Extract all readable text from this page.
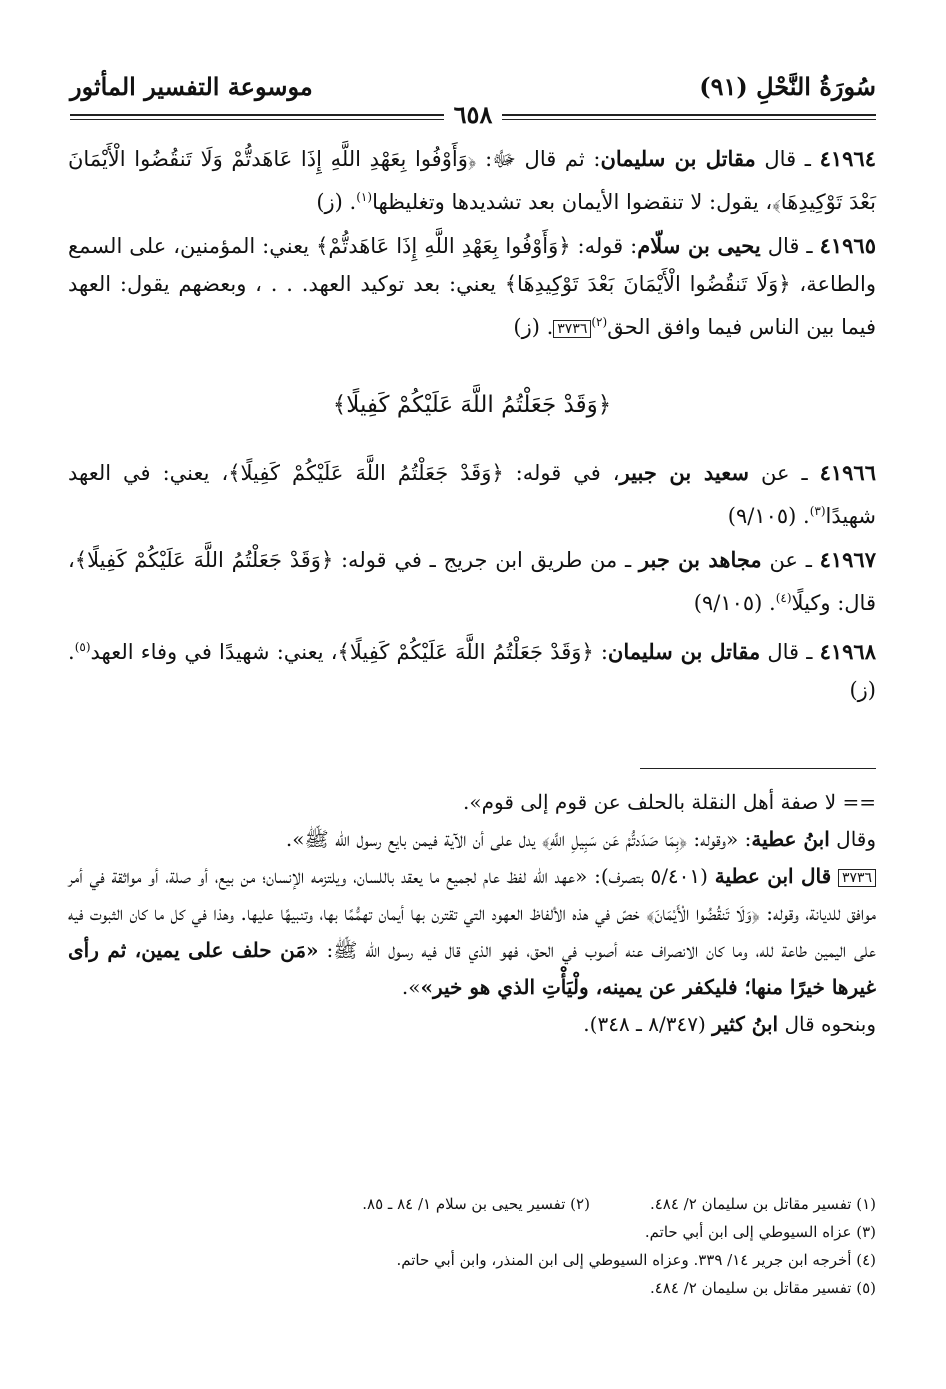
سُورَةُ النَّحْلِ (٩١)
موسوعة التفسير المأثور
٦٥٨

٤١٩٦٤ ـ قال مقاتل بن سليمان: ثم قال ﷻ: ﴿وَأَوْفُوا بِعَهْدِ اللَّهِ إِذَا عَاهَدتُّمْ وَلَا تَنقُضُوا الْأَيْمَانَ بَعْدَ تَوْكِيدِهَا﴾، يقول: لا تنقضوا الأيمان بعد تشديدها وتغليظها$^{(١)}$. (ز)

٤١٩٦٥ ـ قال يحيى بن سلّام: قوله: ﴿وَأَوْفُوا بِعَهْدِ اللَّهِ إِذَا عَاهَدتُّمْ﴾ يعني: المؤمنين، على السمع والطاعة، ﴿وَلَا تَنقُضُوا الْأَيْمَانَ بَعْدَ تَوْكِيدِهَا﴾ يعني: بعد توكيد العهد. . . ، وبعضهم يقول: العهد فيما بين الناس فيما وافق الحق$^{(٢)}$٣٧٣٦. (ز)

﴿وَقَدْ جَعَلْتُمُ اللَّهَ عَلَيْكُمْ كَفِيلًا﴾

٤١٩٦٦ ـ عن سعيد بن جبير، في قوله: ﴿وَقَدْ جَعَلْتُمُ اللَّهَ عَلَيْكُمْ كَفِيلًا﴾، يعني: في العهد شهيدًا$^{(٣)}$. (٩/١٠٥)

٤١٩٦٧ ـ عن مجاهد بن جبر ـ من طريق ابن جريج ـ في قوله: ﴿وَقَدْ جَعَلْتُمُ اللَّهَ عَلَيْكُمْ كَفِيلًا﴾، قال: وكيلًا$^{(٤)}$. (٩/١٠٥)

٤١٩٦٨ ـ قال مقاتل بن سليمان: ﴿وَقَدْ جَعَلْتُمُ اللَّهَ عَلَيْكُمْ كَفِيلًا﴾، يعني: شهيدًا في وفاء العهد$^{(٥)}$. (ز)

== لا صفة أهل النقلة بالحلف عن قوم إلى قوم».

وقال ابنُ عطية: «وقوله: ﴿بِمَا صَدَدتُّمْ عَن سَبِيلِ اللَّهِ﴾ يدل على أن الآية فيمن بايع رسول الله ﷺ».

٣٧٣٦ قال ابن عطية (٥/٤٠١ بتصرف): «عهد الله لفظ عام لجميع ما يعقد باللسان، ويلتزمه الإنسان؛ من بيع، أو صلة، أو مواثقة في أمر موافق للديانة، وقوله: ﴿وَلَا تَنقُضُوا الْأَيْمَانَ﴾ خصّ في هذه الألفاظ العهود التي تقترن بها أيمان تهمُّمًا بها، وتنبيهًا عليها. وهذا في كل ما كان الثبوت فيه على اليمين طاعة لله، وما كان الانصراف عنه أصوب في الحق، فهو الذي قال فيه رسول الله ﷺ: «مَن حلف على يمين، ثم رأى غيرها خيرًا منها؛ فليكفر عن يمينه، ولْيَأْتِ الذي هو خير»».

وبنحوه قال ابنُ كثير (٨/٣٤٧ ـ ٣٤٨).

(١) تفسير مقاتل بن سليمان ٢/ ٤٨٤.
(٢) تفسير يحيى بن سلام ١/ ٨٤ ـ ٨٥.
(٣) عزاه السيوطي إلى ابن أبي حاتم.
(٤) أخرجه ابن جرير ١٤/ ٣٣٩. وعزاه السيوطي إلى ابن المنذر، وابن أبي حاتم.
(٥) تفسير مقاتل بن سليمان ٢/ ٤٨٤.
